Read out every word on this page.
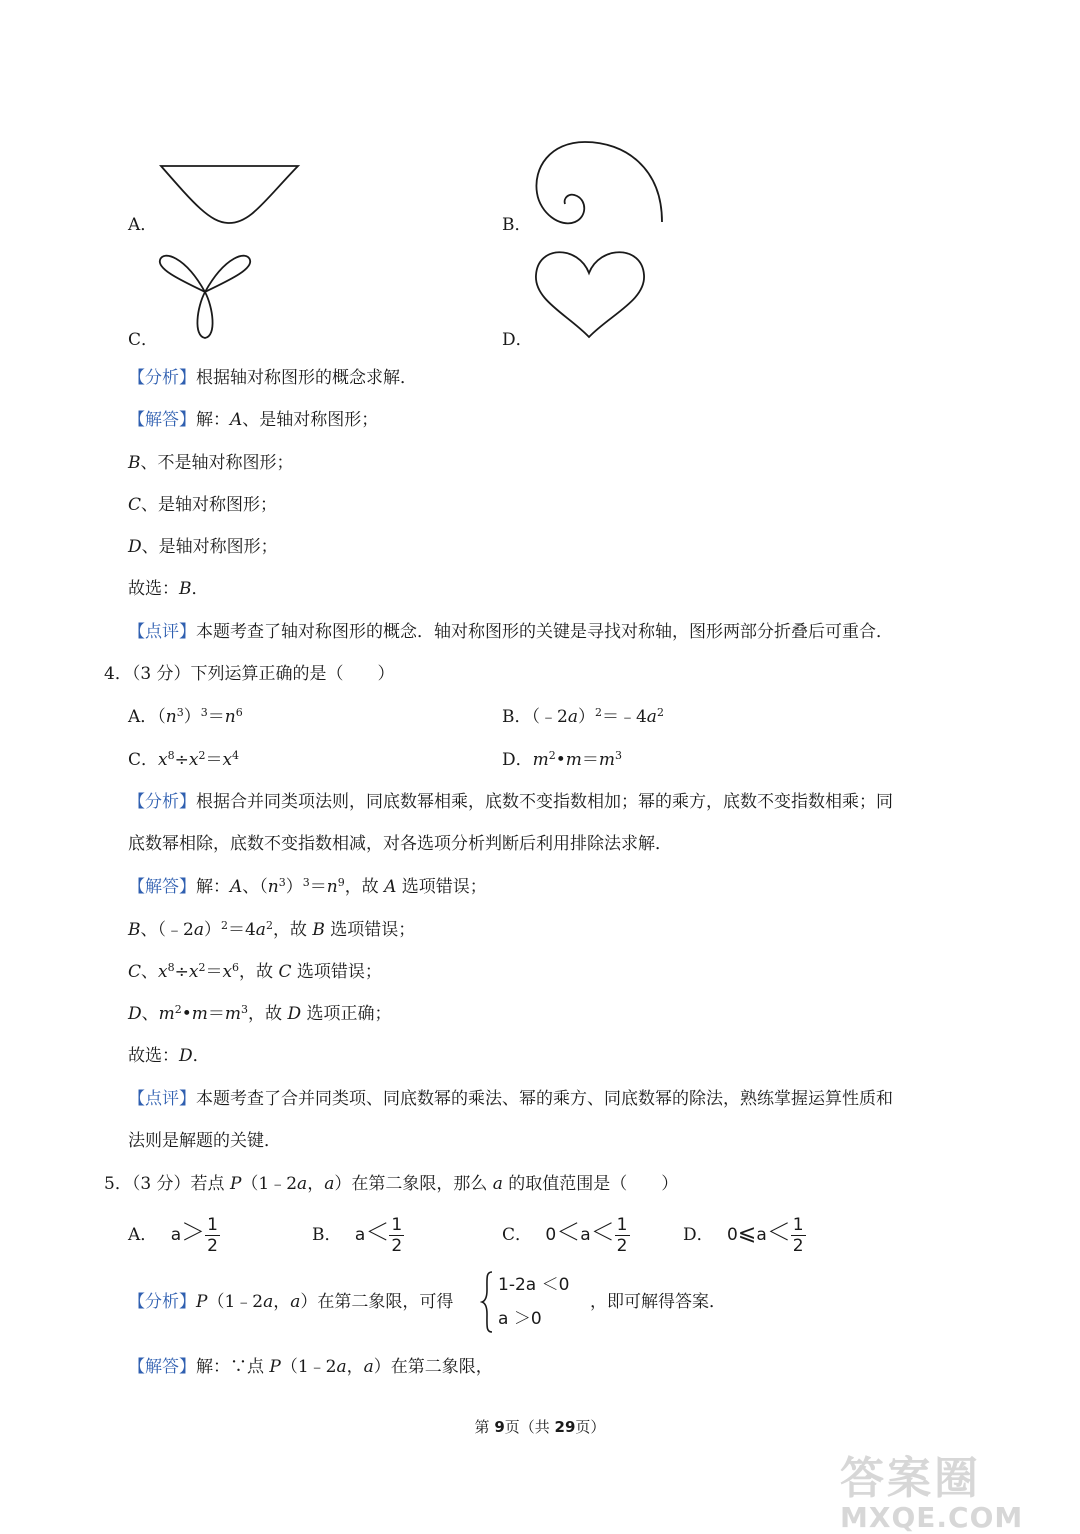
A．	B．
C．	D．
【分析】根据轴对称图形的概念求解．
【解答】解：A、是轴对称图形；
B、不是轴对称图形；
C、是轴对称图形；
D、是轴对称图形；
故选：B．
【点评】本题考查了轴对称图形的概念．轴对称图形的关键是寻找对称轴，图形两部分折叠后可重合．
4．（3 分）下列运算正确的是（　　）
A．$(n^3)^3=n^6$	B．$(﹣2a)^2=﹣4a^2$
C．$x^8\div x^2=x^4$	D．$m^2•m=m^3$
【分析】根据合并同类项法则，同底数幂相乘，底数不变指数相加；幂的乘方，底数不变指数相乘；同
底数幂相除，底数不变指数相减，对各选项分析判断后利用排除法求解．
【解答】解：A、$(n^3)^3=n^9$，故 A 选项错误；
B、$(﹣2a)^2=4a^2$，故 B 选项错误；
C、$x^8\div x^2=x^6$，故 C 选项错误；
D、$m^2•m=m^3$，故 D 选项正确；
故选：D．
【点评】本题考查了合并同类项、同底数幂的乘法、幂的乘方、同底数幂的除法，熟练掌握运算性质和
法则是解题的关键．
5．（3 分）若点 P（1﹣2a，a）在第二象限，那么 a 的取值范围是（　　）
A． $a> \frac{1}{2}$	B． $a< \frac{1}{2}$	C． $0<a< \frac{1}{2}$	D． 0⩽a＜ $\frac{1}{2}$
【分析】P（1﹣2a，a）在第二象限，可得
1-2a ＜0
a ＞0
，即可解得答案．
【解答】解：∵点 P（1﹣2a，a）在第二象限，
第 9页（共 29页）
答案圈
MXQE.COM
